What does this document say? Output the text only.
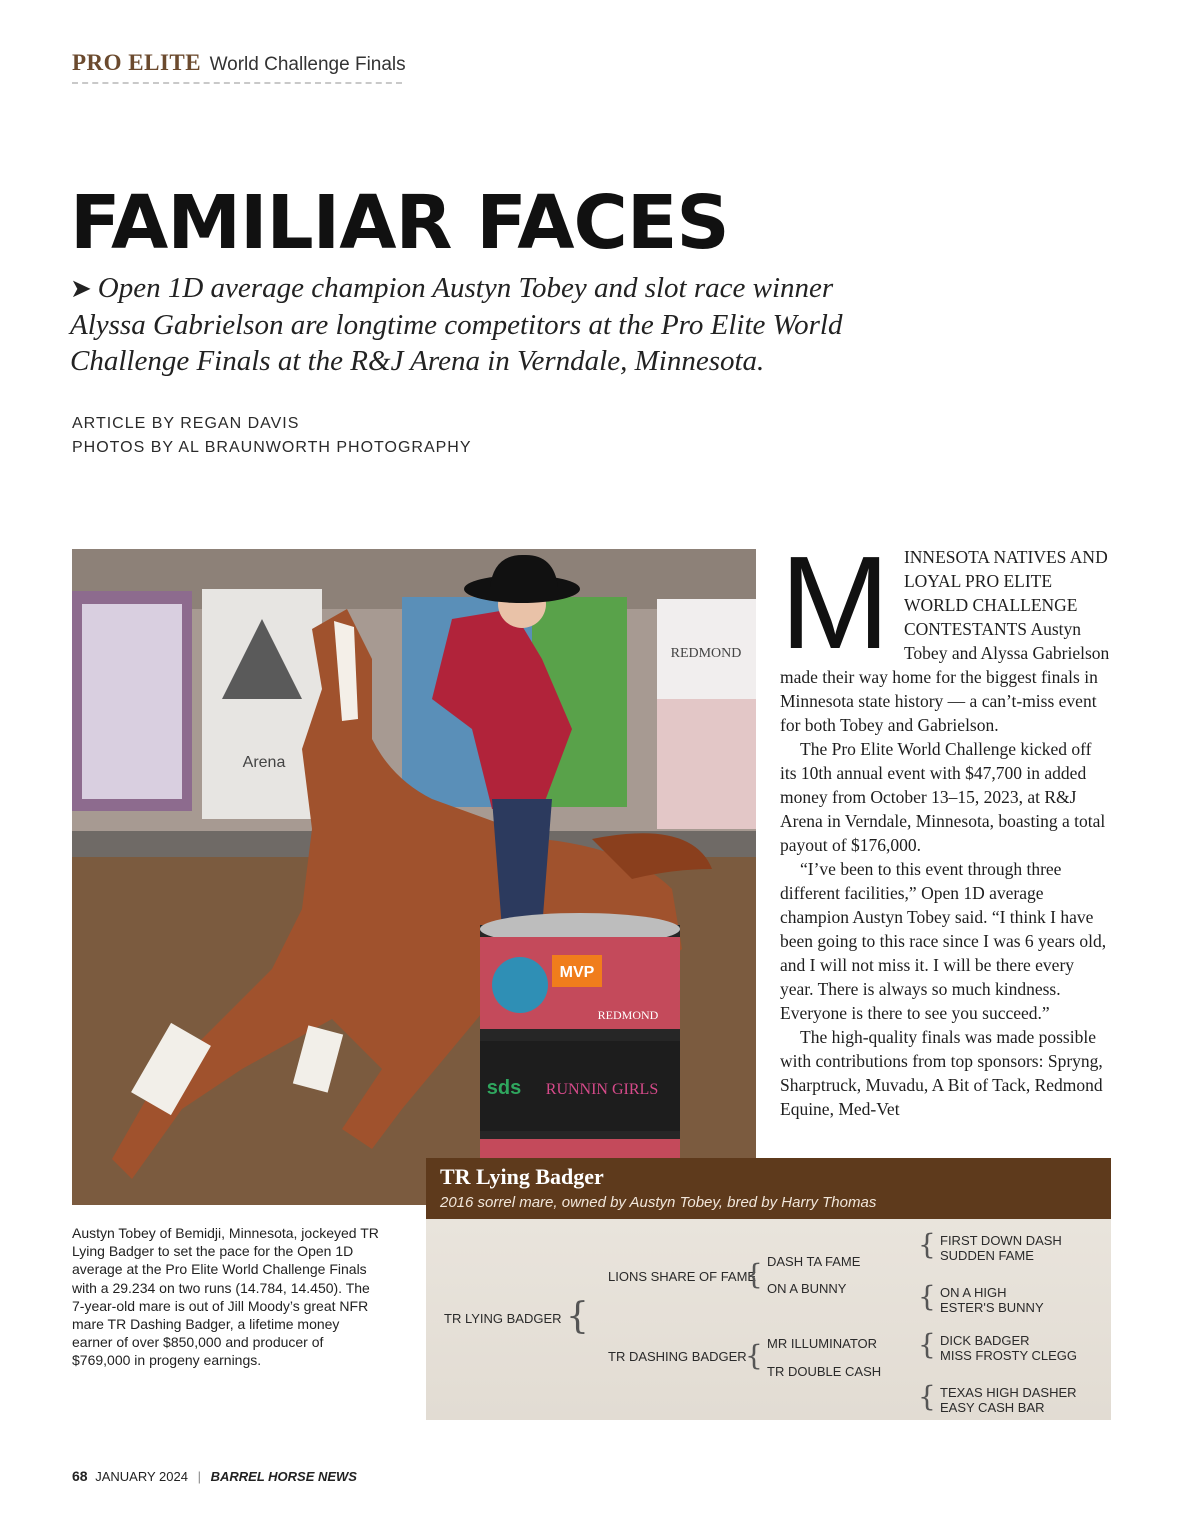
PRO ELITE World Challenge Finals
FAMILIAR FACES

➤ Open 1D average champion Austyn Tobey and slot race winner Alyssa Gabrielson are longtime competitors at the Pro Elite World Challenge Finals at the R&J Arena in Verndale, Minnesota.

ARTICLE BY REGAN DAVIS
PHOTOS BY AL BRAUNWORTH PHOTOGRAPHY
Arena
REDMOND
MVP
REDMOND
RUNNIN GIRLS
sds

MINNESOTA NATIVES AND LOYAL PRO ELITE WORLD CHALLENGE CONTESTANTS Austyn Tobey and Alyssa Gabrielson made their way home for the biggest finals in Minnesota state history — a can’t-miss event for both Tobey and Gabrielson.

The Pro Elite World Challenge kicked off its 10th annual event with $47,700 in added money from October 13–15, 2023, at R&J Arena in Verndale, Minnesota, boasting a total payout of $176,000.

“I’ve been to this event through three different facilities,” Open 1D average champion Austyn Tobey said. “I think I have been going to this race since I was 6 years old, and I will not miss it. I will be there every year. There is always so much kindness. Everyone is there to see you succeed.”

The high-quality finals was made possible with contributions from top sponsors: Spryng, Sharptruck, Muvadu, A Bit of Tack, Redmond Equine, Med-Vet

Austyn Tobey of Bemidji, Minnesota, jockeyed TR Lying Badger to set the pace for the Open 1D average at the Pro Elite World Challenge Finals with a 29.234 on two runs (14.784, 14.450). The 7-year-old mare is out of Jill Moody’s great NFR mare TR Dashing Badger, a lifetime money earner of over $850,000 and producer of $769,000 in progeny earnings.

TR Lying Badger

2016 sorrel mare, owned by Austyn Tobey, bred by Harry Thomas

TR LYING BADGER {
LIONS SHARE OF FAME
TR DASHING BADGER
{
{
DASH TA FAME
ON A BUNNY
MR ILLUMINATOR
TR DOUBLE CASH
{
{
{
{
FIRST DOWN DASH
SUDDEN FAME
ON A HIGH
ESTER'S BUNNY
DICK BADGER
MISS FROSTY CLEGG
TEXAS HIGH DASHER
EASY CASH BAR
68 JANUARY 2024 | BARREL HORSE NEWS
